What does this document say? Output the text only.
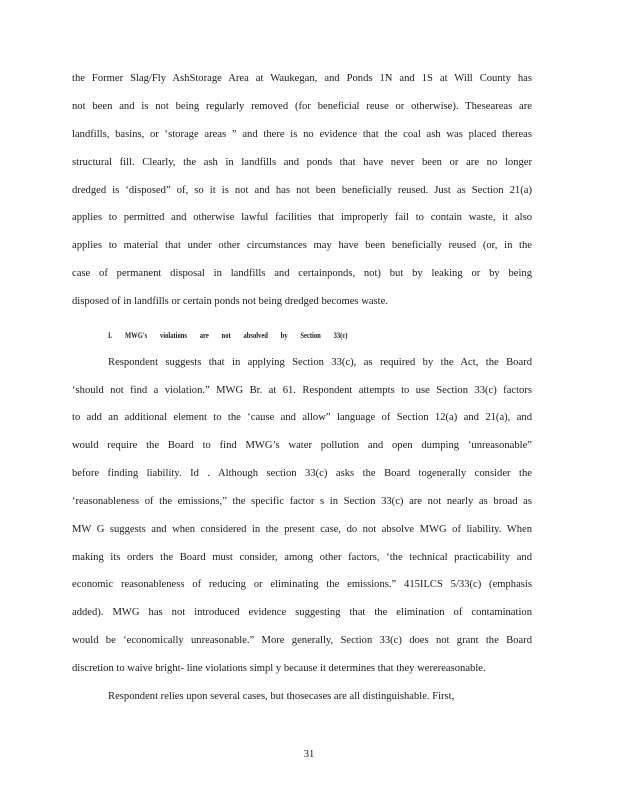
the Former Slag/Fly AshStorage Area at Waukegan, and Ponds 1N and 1S at Will County has
not been and is not being regularly removed (for beneficial reuse or otherwise). Theseareas are
landfills, basins, or ‘storage areas ” and there is no evidence that the coal ash was placed thereas
structural fill. Clearly, the ash in landfills and ponds that have never been or are no longer
dredged is ‘disposed” of, so it is not and has not been beneficially reused. Just as Section 21(a)
applies to permitted and otherwise lawful facilities that improperly fail to contain waste, it also
applies to material that under other circumstances may have been beneficially reused (or, in the
case of permanent disposal in landfills and certainponds, not) but by leaking or by being
disposed of in landfills or certain ponds not being dredged becomes waste.
I. MWG's violations are not absolved by Section 33(c)
Respondent suggests that in applying Section 33(c), as required by the Act, the Board
‘should not find a violation.” MWG Br. at 61. Respondent attempts to use Section 33(c) factors
to add an additional element to the ‘cause and allow” language of Section 12(a) and 21(a), and
would require the Board to find MWG’s water pollution and open dumping ‘unreasonable”
before finding liability. Id . Although section 33(c) asks the Board togenerally consider the
‘reasonableness of the emissions,” the specific factor s in Section 33(c) are not nearly as broad as
MW G suggests and when considered in the present case, do not absolve MWG of liability. When
making its orders the Board must consider, among other factors, ‘the technical practicability and
economic reasonableness of reducing or eliminating the emissions.” 415ILCS 5/33(c) (emphasis
added). MWG has not introduced evidence suggesting that the elimination of contamination
would be ‘economically unreasonable.” More generally, Section 33(c) does not grant the Board
discretion to waive bright- line violations simpl y because it determines that they werereasonable.
Respondent relies upon several cases, but thosecases are all distinguishable. First,
31
